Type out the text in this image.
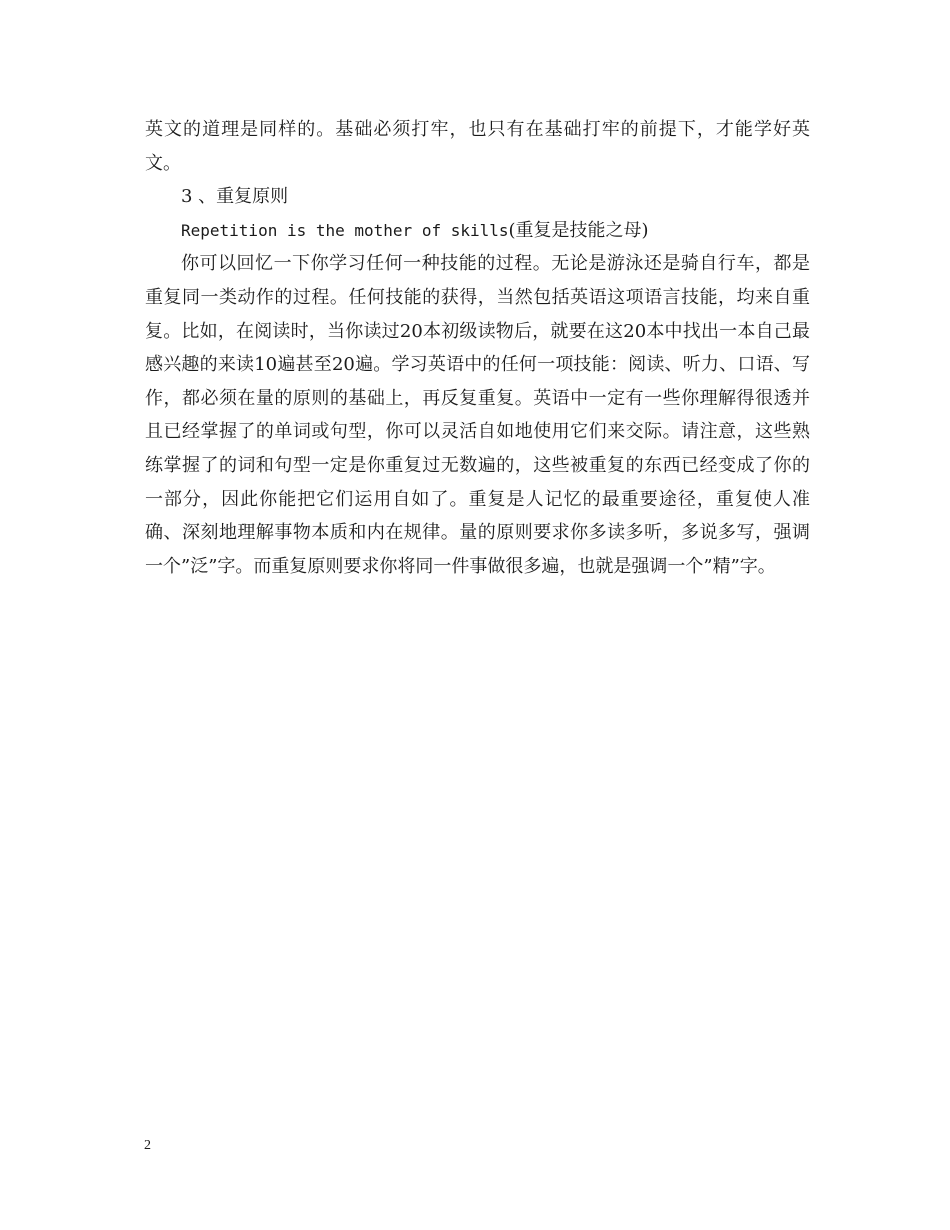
英文的道理是同样的。基础必须打牢，也只有在基础打牢的前提下，才能学好英文。

3 、重复原则

Repetition is the mother of skills(重复是技能之母)

你可以回忆一下你学习任何一种技能的过程。无论是游泳还是骑自行车，都是重复同一类动作的过程。任何技能的获得，当然包括英语这项语言技能，均来自重复。比如，在阅读时，当你读过20本初级读物后，就要在这20本中找出一本自己最感兴趣的来读10遍甚至20遍。学习英语中的任何一项技能：阅读、听力、口语、写作，都必须在量的原则的基础上，再反复重复。英语中一定有一些你理解得很透并且已经掌握了的单词或句型，你可以灵活自如地使用它们来交际。请注意，这些熟练掌握了的词和句型一定是你重复过无数遍的，这些被重复的东西已经变成了你的一部分，因此你能把它们运用自如了。重复是人记忆的最重要途径，重复使人准确、深刻地理解事物本质和内在规律。量的原则要求你多读多听，多说多写，强调一个”泛”字。而重复原则要求你将同一件事做很多遍，也就是强调一个”精”字。

2
